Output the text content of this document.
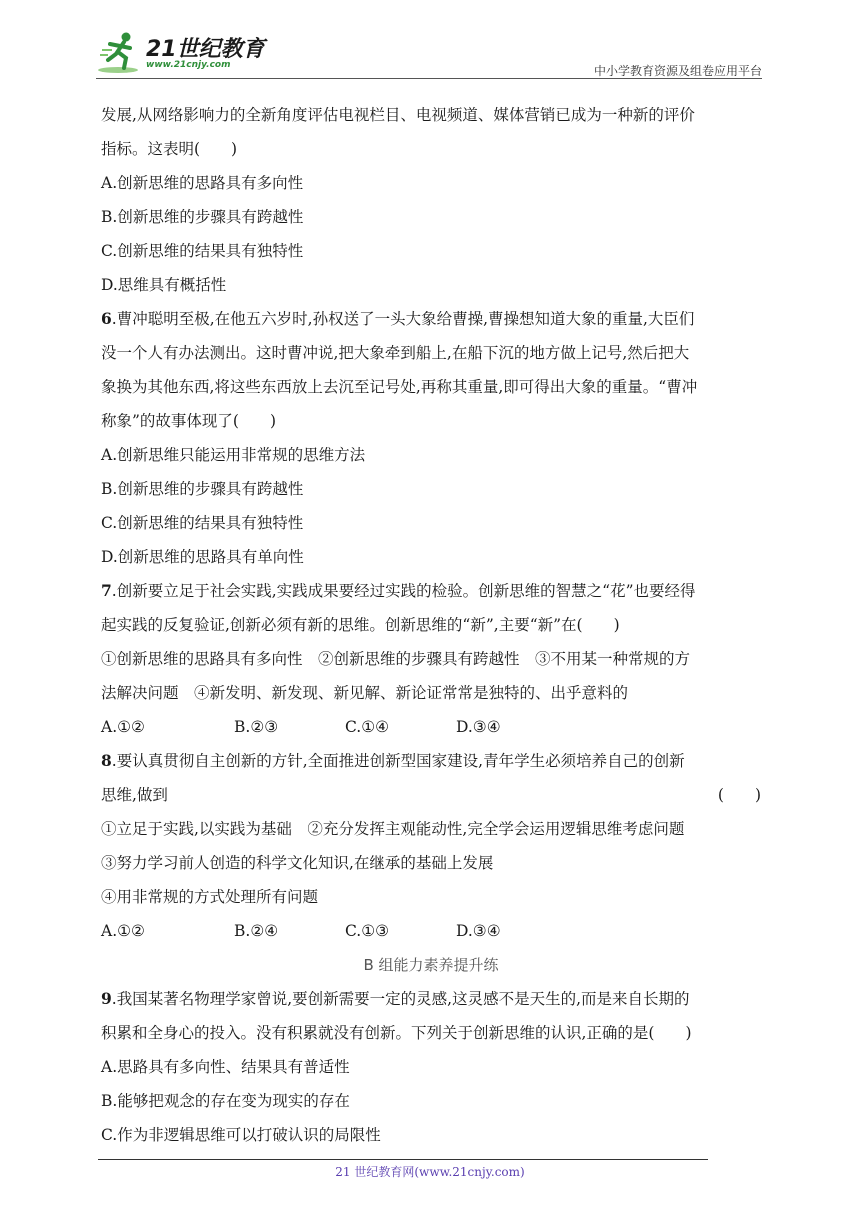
21世纪教育
www.21cnjy.com	中小学教育资源及组卷应用平台
发展,从网络影响力的全新角度评估电视栏目、电视频道、媒体营销已成为一种新的评价
指标。这表明(　　)
A.创新思维的思路具有多向性
B.创新思维的步骤具有跨越性
C.创新思维的结果具有独特性
D.思维具有概括性
6.曹冲聪明至极,在他五六岁时,孙权送了一头大象给曹操,曹操想知道大象的重量,大臣们
没一个人有办法测出。这时曹冲说,把大象牵到船上,在船下沉的地方做上记号,然后把大
象换为其他东西,将这些东西放上去沉至记号处,再称其重量,即可得出大象的重量。“曹冲
称象”的故事体现了(　　)
A.创新思维只能运用非常规的思维方法
B.创新思维的步骤具有跨越性
C.创新思维的结果具有独特性
D.创新思维的思路具有单向性
7.创新要立足于社会实践,实践成果要经过实践的检验。创新思维的智慧之“花”也要经得
起实践的反复验证,创新必须有新的思维。创新思维的“新”,主要“新”在(　　)
①创新思维的思路具有多向性　②创新思维的步骤具有跨越性　③不用某一种常规的方
法解决问题　④新发明、新发现、新见解、新论证常常是独特的、出乎意料的
A.①②	B.②③	C.①④	D.③④
8.要认真贯彻自主创新的方针,全面推进创新型国家建设,青年学生必须培养自己的创新
思维,做到	(　　)
①立足于实践,以实践为基础　②充分发挥主观能动性,完全学会运用逻辑思维考虑问题
③努力学习前人创造的科学文化知识,在继承的基础上发展
④用非常规的方式处理所有问题
A.①②	B.②④	C.①③	D.③④
B 组能力素养提升练
9.我国某著名物理学家曾说,要创新需要一定的灵感,这灵感不是天生的,而是来自长期的
积累和全身心的投入。没有积累就没有创新。下列关于创新思维的认识,正确的是(　　)
A.思路具有多向性、结果具有普适性
B.能够把观念的存在变为现实的存在
C.作为非逻辑思维可以打破认识的局限性
21 世纪教育网(www.21cnjy.com)
